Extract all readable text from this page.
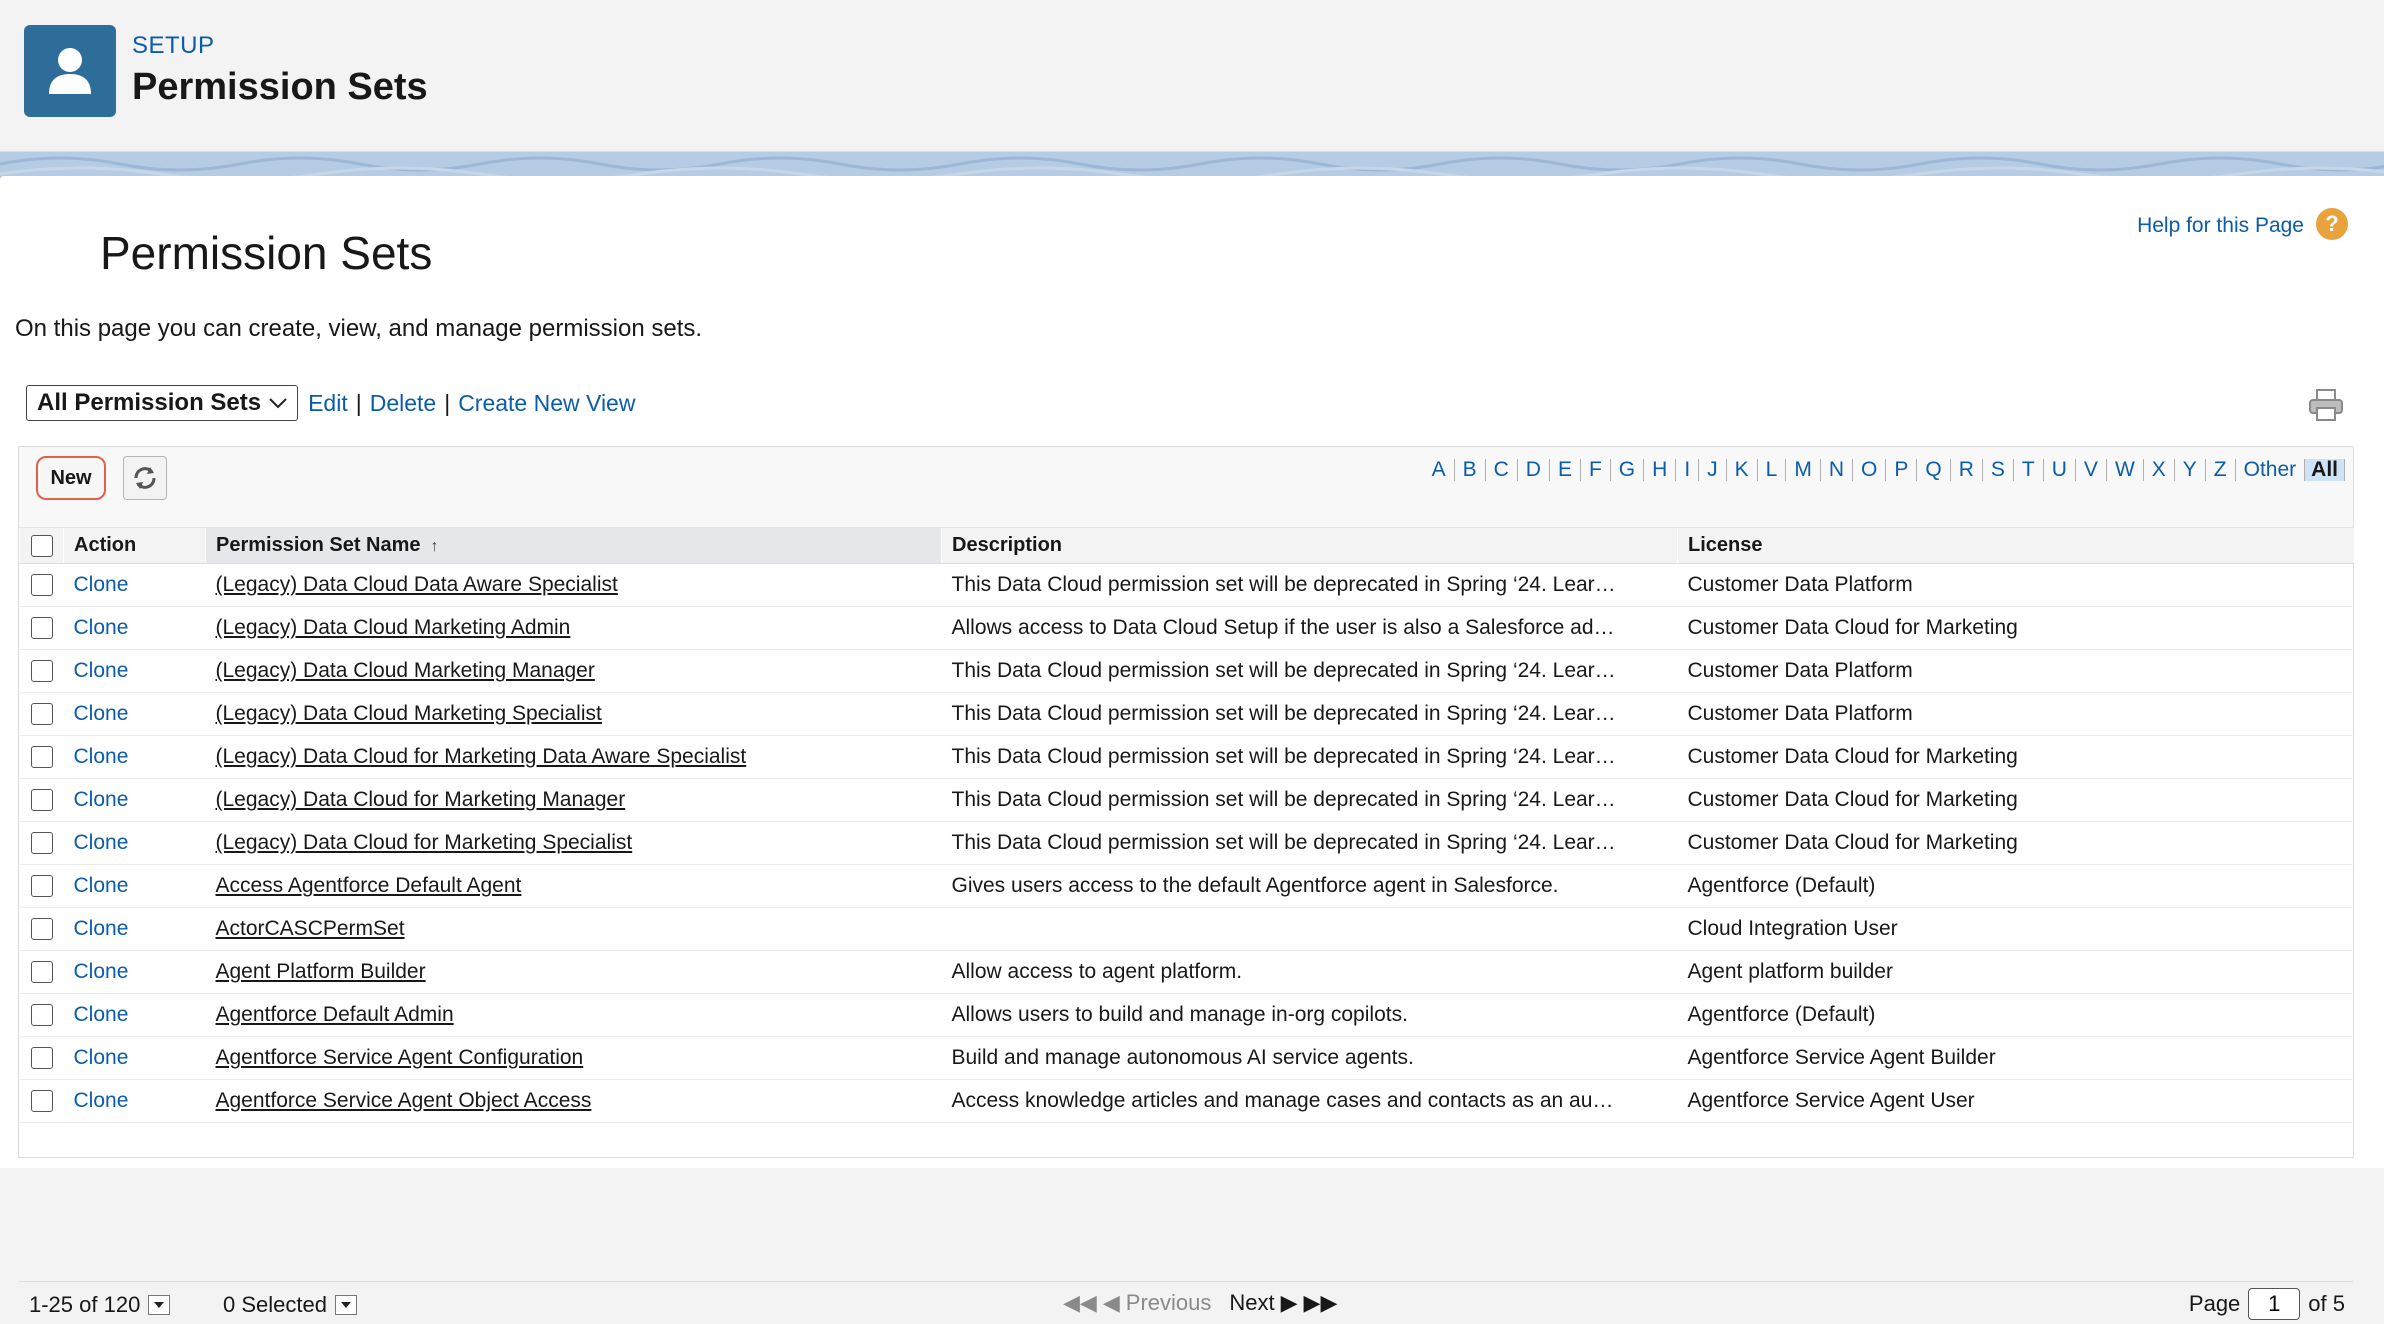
SETUP
Permission Sets
Permission Sets
Help for this Page ?
On this page you can create, view, and manage permission sets.
All Permission Sets Edit | Delete | Create New View
New	A B C D E F G H I J K L M N O P Q R S T U V W X Y Z Other All
	Action	Permission Set Name ↑	Description	License
	Clone	(Legacy) Data Cloud Data Aware Specialist	This Data Cloud permission set will be deprecated in Spring ‘24. Lear…	Customer Data Platform
	Clone	(Legacy) Data Cloud Marketing Admin	Allows access to Data Cloud Setup if the user is also a Salesforce ad…	Customer Data Cloud for Marketing
	Clone	(Legacy) Data Cloud Marketing Manager	This Data Cloud permission set will be deprecated in Spring ‘24. Lear…	Customer Data Platform
	Clone	(Legacy) Data Cloud Marketing Specialist	This Data Cloud permission set will be deprecated in Spring ‘24. Lear…	Customer Data Platform
	Clone	(Legacy) Data Cloud for Marketing Data Aware Specialist	This Data Cloud permission set will be deprecated in Spring ‘24. Lear…	Customer Data Cloud for Marketing
	Clone	(Legacy) Data Cloud for Marketing Manager	This Data Cloud permission set will be deprecated in Spring ‘24. Lear…	Customer Data Cloud for Marketing
	Clone	(Legacy) Data Cloud for Marketing Specialist	This Data Cloud permission set will be deprecated in Spring ‘24. Lear…	Customer Data Cloud for Marketing
	Clone	Access Agentforce Default Agent	Gives users access to the default Agentforce agent in Salesforce.	Agentforce (Default)
	Clone	ActorCASCPermSet		Cloud Integration User
	Clone	Agent Platform Builder	Allow access to agent platform.	Agent platform builder
	Clone	Agentforce Default Admin	Allows users to build and manage in-org copilots.	Agentforce (Default)
	Clone	Agentforce Service Agent Configuration	Build and manage autonomous AI service agents.	Agentforce Service Agent Builder
	Clone	Agentforce Service Agent Object Access	Access knowledge articles and manage cases and contacts as an au…	Agentforce Service Agent User
1-25 of 120	0 Selected	◀◀ ◀ Previous Next ▶ ▶▶	Page
1	of 5
